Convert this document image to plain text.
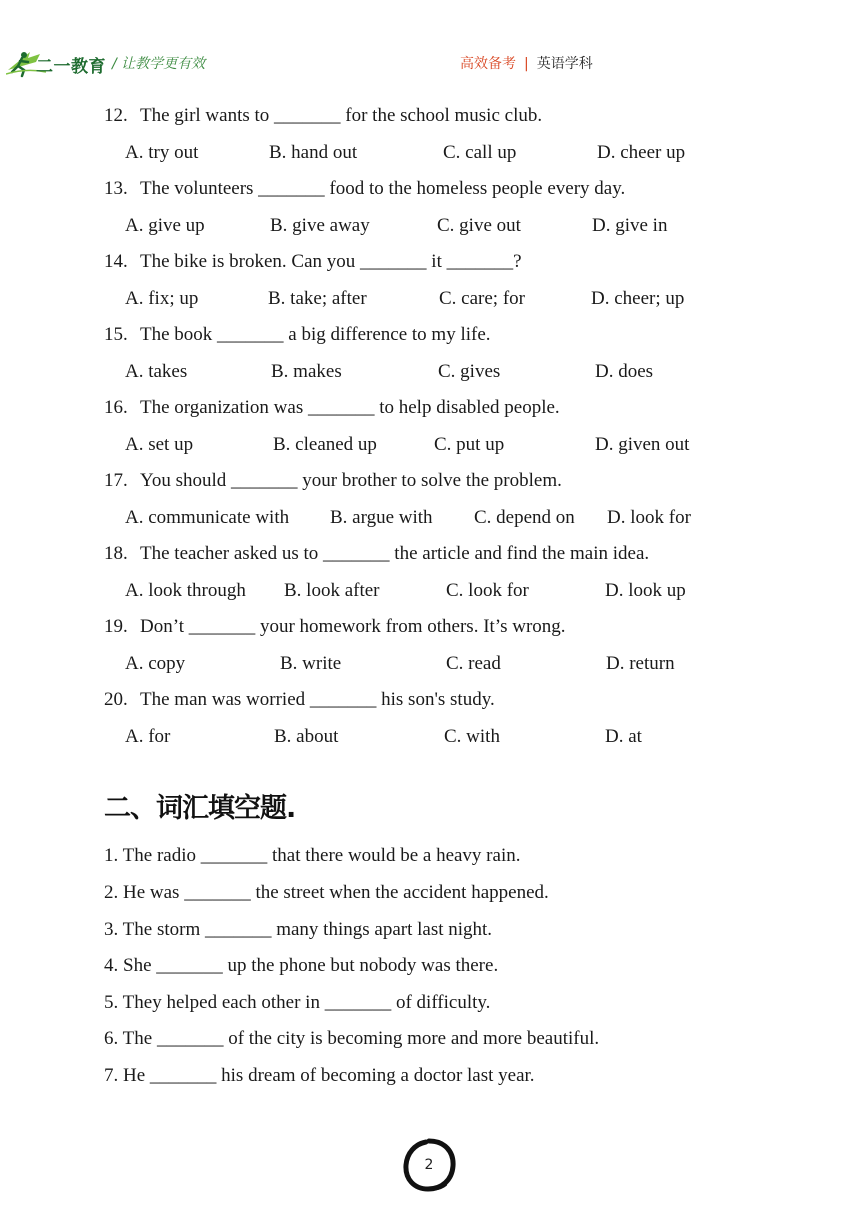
二一教育 / 让教学更有效	高效备考 | 英语学科
12. The girl wants to _______ for the school music club.
A. try out	B. hand out	C. call up	D. cheer up
13. The volunteers _______ food to the homeless people every day.
A. give up	B. give away	C. give out	D. give in
14. The bike is broken. Can you _______ it _______?
A. fix; up	B. take; after	C. care; for	D. cheer; up
15. The book _______ a big difference to my life.
A. takes	B. makes	C. gives	D. does
16. The organization was _______ to help disabled people.
A. set up	B. cleaned up	C. put up	D. given out
17. You should _______ your brother to solve the problem.
A. communicate with B. argue with C. depend on D. look for
18. The teacher asked us to _______ the article and find the main idea.
A. look through B. look after	C. look for	D. look up
19. Don’t _______ your homework from others. It’s wrong.
A. copy	B. write	C. read	D. return
20. The man was worried _______ his son's study.
A. for	B. about	C. with	D. at
二、词汇填空题.
1. The radio _______ that there would be a heavy rain.
2. He was _______ the street when the accident happened.
3. The storm _______ many things apart last night.
4. She _______ up the phone but nobody was there.
5. They helped each other in _______ of difficulty.
6. The _______ of the city is becoming more and more beautiful.
7. He _______ his dream of becoming a doctor last year.
2
